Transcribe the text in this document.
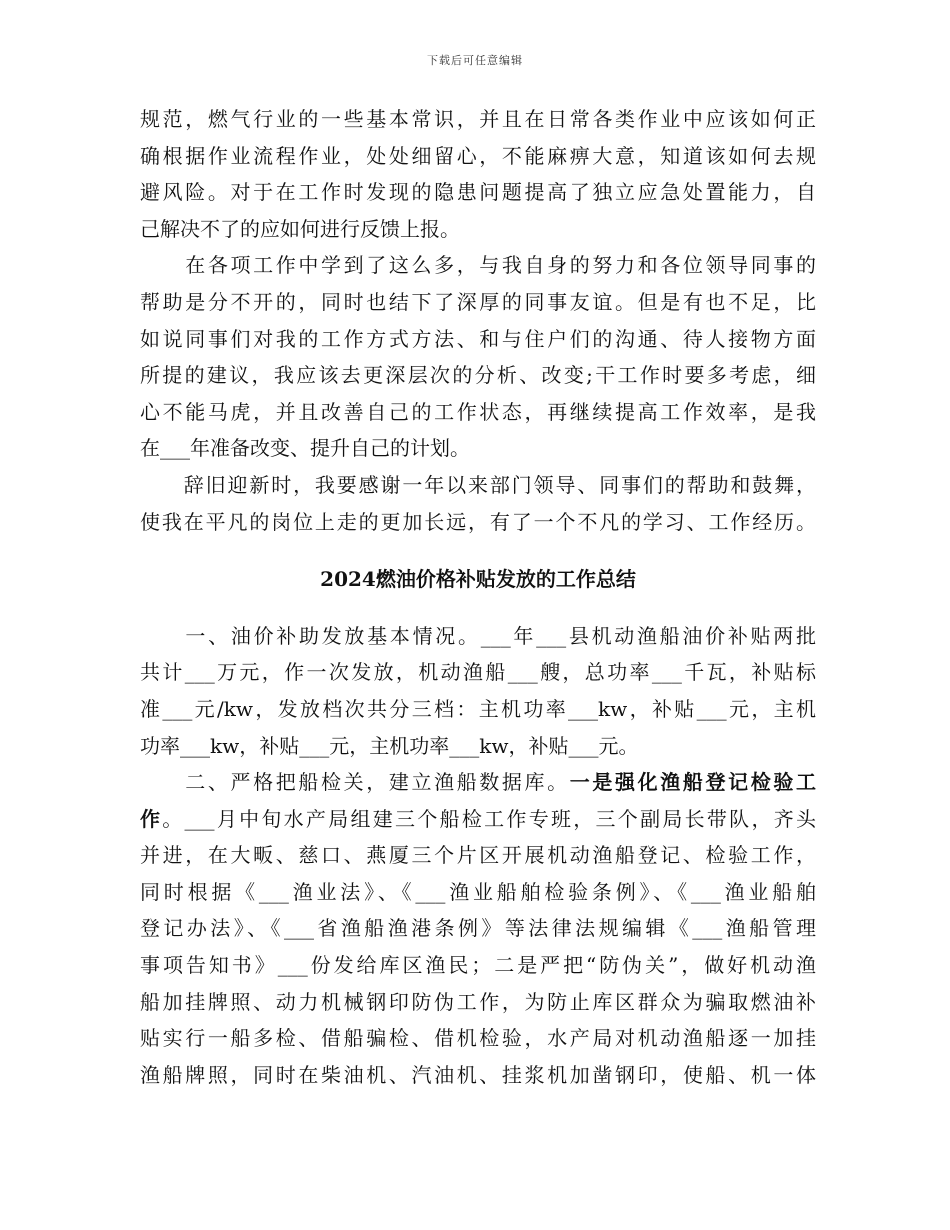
下载后可任意编辑
规范，燃气行业的一些基本常识，并且在日常各类作业中应该如何正
确根据作业流程作业，处处细留心，不能麻痹大意，知道该如何去规
避风险。对于在工作时发现的隐患问题提高了独立应急处置能力，自
己解决不了的应如何进行反馈上报。
　　在各项工作中学到了这么多，与我自身的努力和各位领导同事的
帮助是分不开的，同时也结下了深厚的同事友谊。但是有也不足，比
如说同事们对我的工作方式方法、和与住户们的沟通、待人接物方面
所提的建议，我应该去更深层次的分析、改变;干工作时要多考虑，细
心不能马虎，并且改善自己的工作状态，再继续提高工作效率，是我
在___年准备改变、提升自己的计划。
　　辞旧迎新时，我要感谢一年以来部门领导、同事们的帮助和鼓舞，
使我在平凡的岗位上走的更加长远，有了一个不凡的学习、工作经历。
2024燃油价格补贴发放的工作总结
　　一、油价补助发放基本情况。___年___县机动渔船油价补贴两批
共计___万元，作一次发放，机动渔船___艘，总功率___千瓦，补贴标
准___元/kw，发放档次共分三档：主机功率___kw，补贴___元，主机
功率___kw，补贴___元，主机功率___kw，补贴___元。
　　二、严格把船检关，建立渔船数据库。一是强化渔船登记检验工
作。___月中旬水产局组建三个船检工作专班，三个副局长带队，齐头
并进，在大畈、慈口、燕厦三个片区开展机动渔船登记、检验工作，
同时根据《___渔业法》、《___渔业船舶检验条例》、《___渔业船舶
登记办法》、《___省渔船渔港条例》等法律法规编辑《___渔船管理
事项告知书》___份发给库区渔民；二是严把“防伪关”，做好机动渔
船加挂牌照、动力机械钢印防伪工作，为防止库区群众为骗取燃油补
贴实行一船多检、借船骗检、借机检验，水产局对机动渔船逐一加挂
渔船牌照，同时在柴油机、汽油机、挂浆机加凿钢印，使船、机一体
